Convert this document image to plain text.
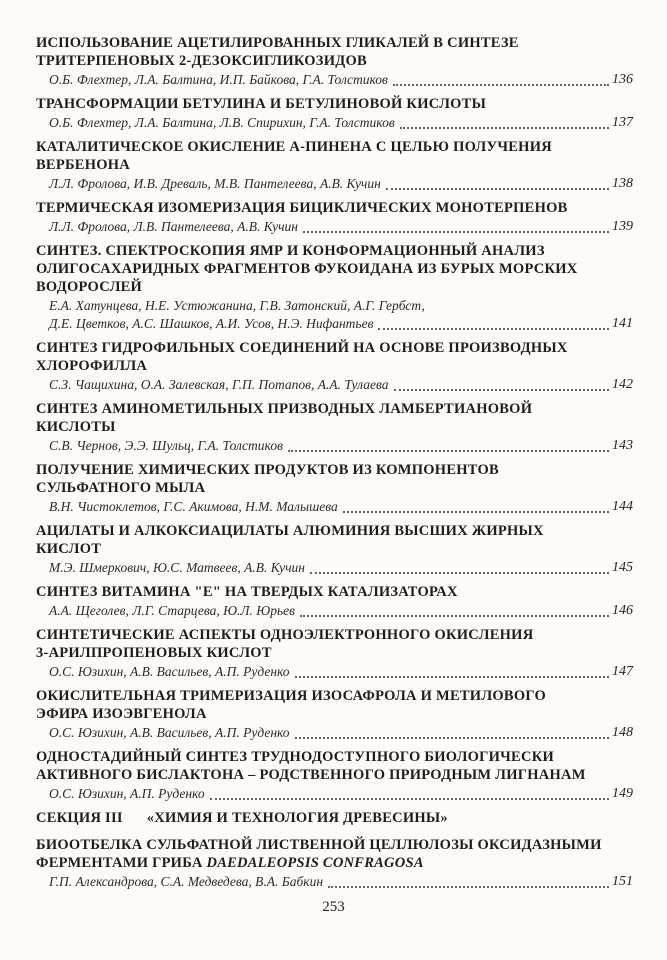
ИСПОЛЬЗОВАНИЕ АЦЕТИЛИРОВАННЫХ ГЛИКАЛЕЙ В СИНТЕЗЕ
ТРИТЕРПЕНОВЫХ 2-ДЕЗОКСИГЛИКОЗИДОВ
О.Б. Флехтер, Л.А. Балтина, И.П. Байкова, Г.А. Толстиков	136
ТРАНСФОРМАЦИИ БЕТУЛИНА И БЕТУЛИНОВОЙ КИСЛОТЫ
О.Б. Флехтер, Л.А. Балтина, Л.В. Спирихин, Г.А. Толстиков	137
КАТАЛИТИЧЕСКОЕ ОКИСЛЕНИЕ А-ПИНЕНА С ЦЕЛЬЮ ПОЛУЧЕНИЯ
ВЕРБЕНОНА
Л.Л. Фролова, И.В. Древаль, М.В. Пантелеева, А.В. Кучин	138
ТЕРМИЧЕСКАЯ ИЗОМЕРИЗАЦИЯ БИЦИКЛИЧЕСКИХ МОНОТЕРПЕНОВ
Л.Л. Фролова, Л.В. Пантелеева, А.В. Кучин	139
СИНТЕЗ. СПЕКТРОСКОПИЯ ЯМР И КОНФОРМАЦИОННЫЙ АНАЛИЗ
ОЛИГОСАХАРИДНЫХ ФРАГМЕНТОВ ФУКОИДАНА ИЗ БУРЫХ МОРСКИХ
ВОДОРОСЛЕЙ
Е.А. Хатунцева, Н.Е. Устюжанина, Г.В. Затонский, А.Г. Гербст,
Д.Е. Цветков, А.С. Шашков, А.И. Усов, Н.Э. Нифантьев	141
СИНТЕЗ ГИДРОФИЛЬНЫХ СОЕДИНЕНИЙ НА ОСНОВЕ ПРОИЗВОДНЫХ
ХЛОРОФИЛЛА
С.З. Чащихина, О.А. Залевская, Г.П. Потапов, А.А. Тулаева	142
СИНТЕЗ АМИНОМЕТИЛЬНЫХ ПРИЗВОДНЫХ ЛАМБЕРТИАНОВОЙ
КИСЛОТЫ
С.В. Чернов, Э.Э. Шульц, Г.А. Толстиков	143
ПОЛУЧЕНИЕ ХИМИЧЕСКИХ ПРОДУКТОВ ИЗ КОМПОНЕНТОВ
СУЛЬФАТНОГО МЫЛА
В.Н. Чистоклетов, Г.С. Акимова, Н.М. Малышева	144
АЦИЛАТЫ И АЛКОКСИАЦИЛАТЫ АЛЮМИНИЯ ВЫСШИХ ЖИРНЫХ
КИСЛОТ
М.Э. Шмеркович, Ю.С. Матвеев, А.В. Кучин	145
СИНТЕЗ ВИТАМИНА "Е" НА ТВЕРДЫХ КАТАЛИЗАТОРАХ
А.А. Щеголев, Л.Г. Старцева, Ю.Л. Юрьев	146
СИНТЕТИЧЕСКИЕ АСПЕКТЫ ОДНОЭЛЕКТРОННОГО ОКИСЛЕНИЯ
3-АРИЛПРОПЕНОВЫХ КИСЛОТ
О.С. Юзихин, А.В. Васильев, А.П. Руденко	147
ОКИСЛИТЕЛЬНАЯ ТРИМЕРИЗАЦИЯ ИЗОСАФРОЛА И МЕТИЛОВОГО
ЭФИРА ИЗОЭВГЕНОЛА
О.С. Юзихин, А.В. Васильев, А.П. Руденко	148
ОДНОСТАДИЙНЫЙ СИНТЕЗ ТРУДНОДОСТУПНОГО БИОЛОГИЧЕСКИ
АКТИВНОГО БИСЛАКТОНА – РОДСТВЕННОГО ПРИРОДНЫМ ЛИГНАНАМ
О.С. Юзихин, А.П. Руденко	149
СЕКЦИЯ III «ХИМИЯ И ТЕХНОЛОГИЯ ДРЕВЕСИНЫ»
БИООТБЕЛКА СУЛЬФАТНОЙ ЛИСТВЕННОЙ ЦЕЛЛЮЛОЗЫ ОКСИДАЗНЫМИ
ФЕРМЕНТАМИ ГРИБА DAEDALEOPSIS CONFRAGOSA
Г.П. Александрова, С.А. Медведева, В.А. Бабкин	151
253
